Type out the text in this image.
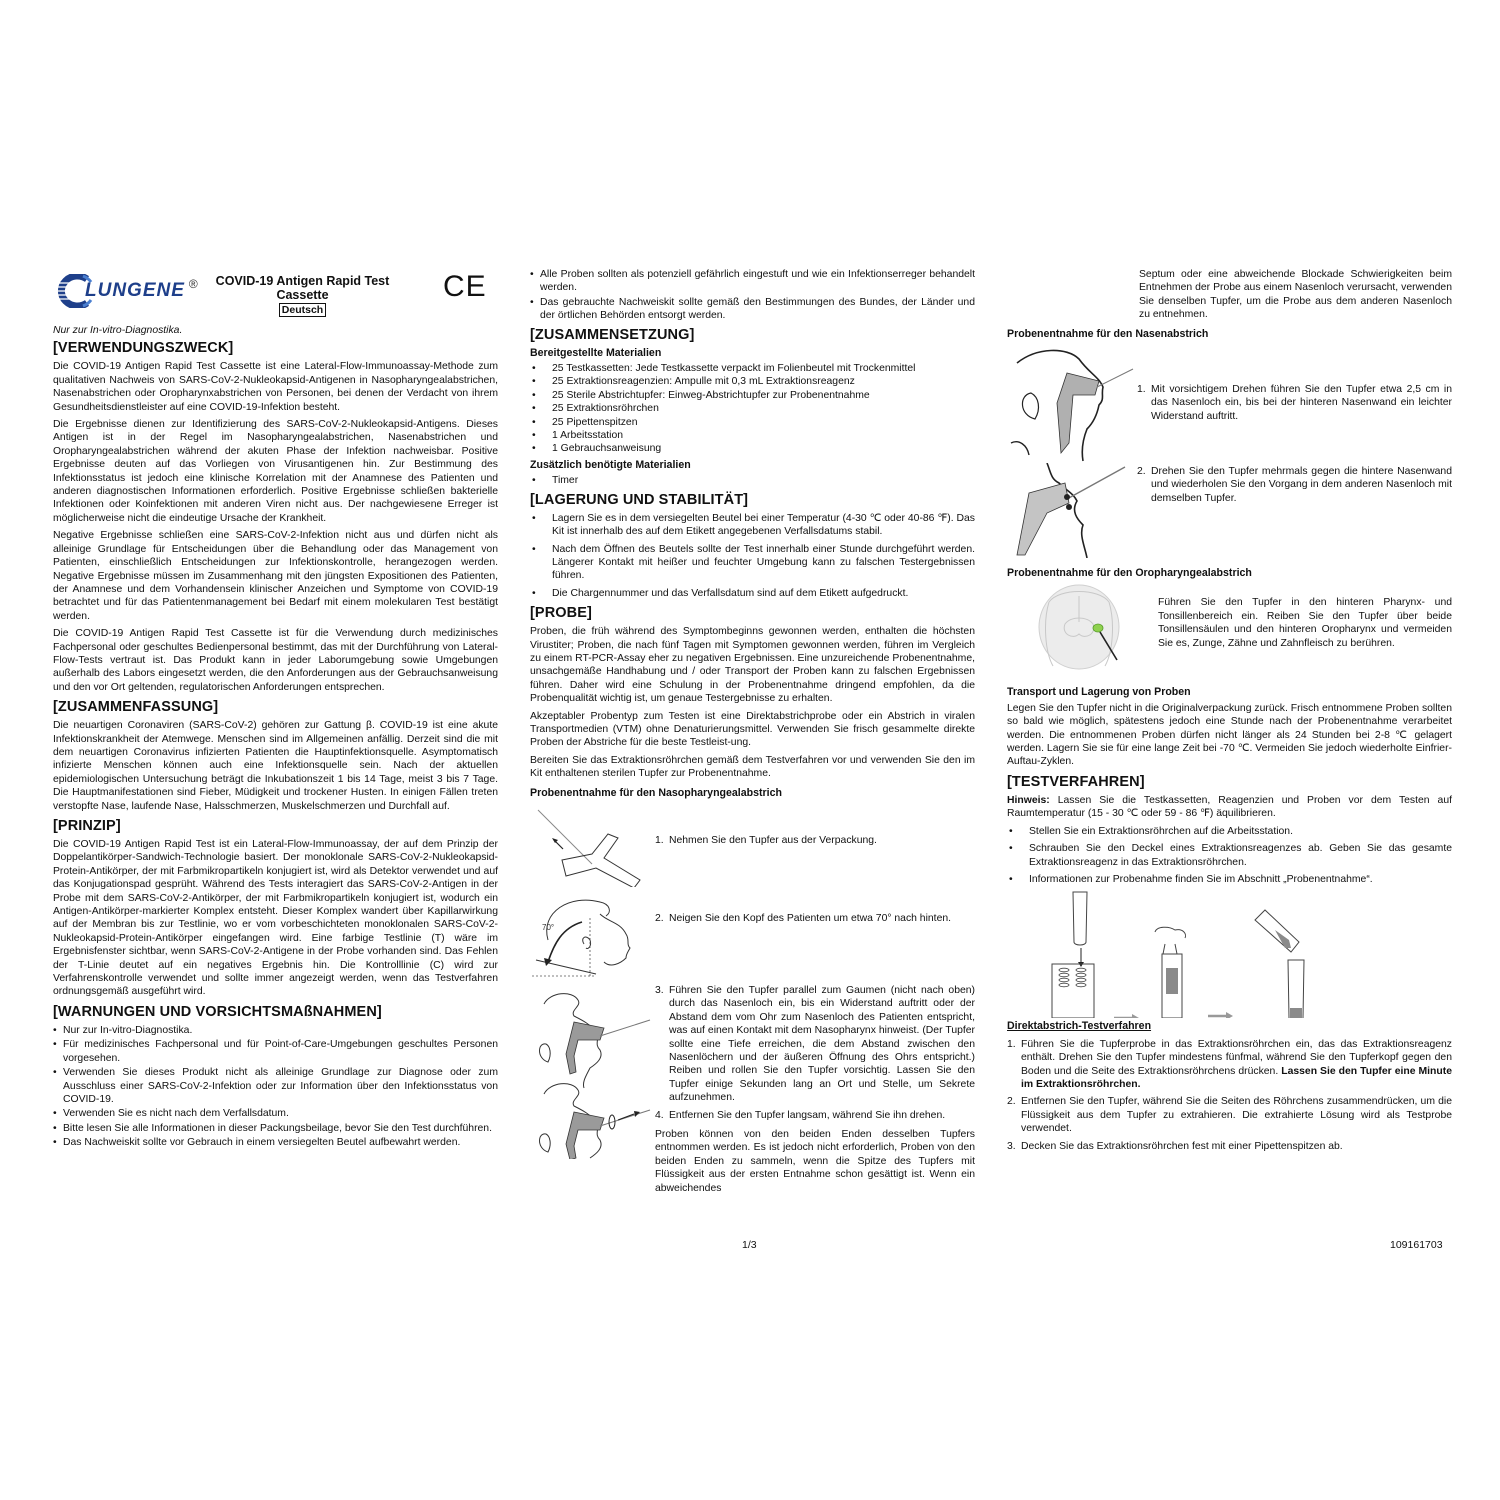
LUNGENE ®	COVID-19 Antigen Rapid Test
Cassette
Deutsch
CE

Nur zur In-vitro-Diagnostika.

[VERWENDUNGSZWECK]

Die COVID-19 Antigen Rapid Test Cassette ist eine Lateral-Flow-Immunoassay-Methode zum qualitativen Nachweis von SARS-CoV-2-Nukleokapsid-Antigenen in Nasopharyngealabstrichen, Nasenabstrichen oder Oropharynxabstrichen von Personen, bei denen der Verdacht von ihrem Gesundheitsdienstleister auf eine COVID-19-Infektion besteht.

Die Ergebnisse dienen zur Identifizierung des SARS-CoV-2-Nukleokapsid-Antigens. Dieses Antigen ist in der Regel im Nasopharyngealabstrichen, Nasenabstrichen und Oropharyngealabstrichen während der akuten Phase der Infektion nachweisbar. Positive Ergebnisse deuten auf das Vorliegen von Virusantigenen hin. Zur Bestimmung des Infektionsstatus ist jedoch eine klinische Korrelation mit der Anamnese des Patienten und anderen diagnostischen Informationen erforderlich. Positive Ergebnisse schließen bakterielle Infektionen oder Koinfektionen mit anderen Viren nicht aus. Der nachgewiesene Erreger ist möglicherweise nicht die eindeutige Ursache der Krankheit.

Negative Ergebnisse schließen eine SARS-CoV-2-Infektion nicht aus und dürfen nicht als alleinige Grundlage für Entscheidungen über die Behandlung oder das Management von Patienten, einschließlich Entscheidungen zur Infektionskontrolle, herangezogen werden. Negative Ergebnisse müssen im Zusammenhang mit den jüngsten Expositionen des Patienten, der Anamnese und dem Vorhandensein klinischer Anzeichen und Symptome von COVID-19 betrachtet und für das Patientenmanagement bei Bedarf mit einem molekularen Test bestätigt werden.

Die COVID-19 Antigen Rapid Test Cassette ist für die Verwendung durch medizinisches Fachpersonal oder geschultes Bedienpersonal bestimmt, das mit der Durchführung von Lateral-Flow-Tests vertraut ist. Das Produkt kann in jeder Laborumgebung sowie Umgebungen außerhalb des Labors eingesetzt werden, die den Anforderungen aus der Gebrauchsanweisung und den vor Ort geltenden, regulatorischen Anforderungen entsprechen.

[ZUSAMMENFASSUNG]

Die neuartigen Coronaviren (SARS-CoV-2) gehören zur Gattung β. COVID-19 ist eine akute Infektionskrankheit der Atemwege. Menschen sind im Allgemeinen anfällig. Derzeit sind die mit dem neuartigen Coronavirus infizierten Patienten die Hauptinfektionsquelle. Asymptomatisch infizierte Menschen können auch eine Infektionsquelle sein. Nach der aktuellen epidemiologischen Untersuchung beträgt die Inkubationszeit 1 bis 14 Tage, meist 3 bis 7 Tage. Die Hauptmanifestationen sind Fieber, Müdigkeit und trockener Husten. In einigen Fällen treten verstopfte Nase, laufende Nase, Halsschmerzen, Muskelschmerzen und Durchfall auf.

[PRINZIP]

Die COVID-19 Antigen Rapid Test ist ein Lateral-Flow-Immunoassay, der auf dem Prinzip der Doppelantikörper-Sandwich-Technologie basiert. Der monoklonale SARS-CoV-2-Nukleokapsid-Protein-Antikörper, der mit Farbmikropartikeln konjugiert ist, wird als Detektor verwendet und auf das Konjugationspad gesprüht. Während des Tests interagiert das SARS-CoV-2-Antigen in der Probe mit dem SARS-CoV-2-Antikörper, der mit Farbmikropartikeln konjugiert ist, wodurch ein Antigen-Antikörper-markierter Komplex entsteht. Dieser Komplex wandert über Kapillarwirkung auf der Membran bis zur Testlinie, wo er vom vorbeschichteten monoklonalen SARS-CoV-2-Nukleokapsid-Protein-Antikörper eingefangen wird. Eine farbige Testlinie (T) wäre im Ergebnisfenster sichtbar, wenn SARS-CoV-2-Antigene in der Probe vorhanden sind. Das Fehlen der T-Linie deutet auf ein negatives Ergebnis hin. Die Kontrolllinie (C) wird zur Verfahrenskontrolle verwendet und sollte immer angezeigt werden, wenn das Testverfahren ordnungsgemäß ausgeführt wird.

[WARNUNGEN UND VORSICHTSMAßNAHMEN]
• Nur zur In-vitro-Diagnostika.
• Für medizinisches Fachpersonal und für Point-of-Care-Umgebungen geschultes Personen vorgesehen.
• Verwenden Sie dieses Produkt nicht als alleinige Grundlage zur Diagnose oder zum Ausschluss einer SARS-CoV-2-Infektion oder zur Information über den Infektionsstatus von COVID-19.
• Verwenden Sie es nicht nach dem Verfallsdatum.
• Bitte lesen Sie alle Informationen in dieser Packungsbeilage, bevor Sie den Test durchführen.
• Das Nachweiskit sollte vor Gebrauch in einem versiegelten Beutel aufbewahrt werden.
• Alle Proben sollten als potenziell gefährlich eingestuft und wie ein Infektionserreger behandelt werden.
• Das gebrauchte Nachweiskit sollte gemäß den Bestimmungen des Bundes, der Länder und der örtlichen Behörden entsorgt werden.
[ZUSAMMENSETZUNG]
Bereitgestellte Materialien
• 25 Testkassetten: Jede Testkassette verpackt im Folienbeutel mit Trockenmittel
• 25 Extraktionsreagenzien: Ampulle mit 0,3 mL Extraktionsreagenz
• 25 Sterile Abstrichtupfer: Einweg-Abstrichtupfer zur Probenentnahme
• 25 Extraktionsröhrchen
• 25 Pipettenspitzen
• 1 Arbeitsstation
• 1 Gebrauchsanweisung
Zusätzlich benötigte Materialien
• Timer
[LAGERUNG UND STABILITÄT]
• Lagern Sie es in dem versiegelten Beutel bei einer Temperatur (4-30 ℃ oder 40-86 ℉). Das Kit ist innerhalb des auf dem Etikett angegebenen Verfallsdatums stabil.
• Nach dem Öffnen des Beutels sollte der Test innerhalb einer Stunde durchgeführt werden. Längerer Kontakt mit heißer und feuchter Umgebung kann zu falschen Testergebnissen führen.
• Die Chargennummer und das Verfallsdatum sind auf dem Etikett aufgedruckt.
[PROBE]

Proben, die früh während des Symptombeginns gewonnen werden, enthalten die höchsten Virustiter; Proben, die nach fünf Tagen mit Symptomen gewonnen werden, führen im Vergleich zu einem RT-PCR-Assay eher zu negativen Ergebnissen. Eine unzureichende Probenentnahme, unsachgemäße Handhabung und / oder Transport der Proben kann zu falschen Ergebnissen führen. Daher wird eine Schulung in der Probenentnahme dringend empfohlen, da die Probenqualität wichtig ist, um genaue Testergebnisse zu erhalten.

Akzeptabler Probentyp zum Testen ist eine Direktabstrichprobe oder ein Abstrich in viralen Transportmedien (VTM) ohne Denaturierungsmittel. Verwenden Sie frisch gesammelte direkte Proben der Abstriche für die beste Testleist-ung.

Bereiten Sie das Extraktionsröhrchen gemäß dem Testverfahren vor und verwenden Sie den im Kit enthaltenen sterilen Tupfer zur Probenentnahme.

Probenentnahme für den Nasopharyngealabstrich
1. Nehmen Sie den Tupfer aus der Verpackung.
70°
2. Neigen Sie den Kopf des Patienten um etwa 70° nach hinten.
3. Führen Sie den Tupfer parallel zum Gaumen (nicht nach oben) durch das Nasenloch ein, bis ein Widerstand auftritt oder der Abstand dem vom Ohr zum Nasenloch des Patienten entspricht, was auf einen Kontakt mit dem Nasopharynx hinweist. (Der Tupfer sollte eine Tiefe erreichen, die dem Abstand zwischen den Nasenlöchern und der äußeren Öffnung des Ohrs entspricht.) Reiben und rollen Sie den Tupfer vorsichtig. Lassen Sie den Tupfer einige Sekunden lang an Ort und Stelle, um Sekrete aufzunehmen.
4. Entfernen Sie den Tupfer langsam, während Sie ihn drehen.

Proben können von den beiden Enden desselben Tupfers entnommen werden. Es ist jedoch nicht erforderlich, Proben von den beiden Enden zu sammeln, wenn die Spitze des Tupfers mit Flüssigkeit aus der ersten Entnahme schon gesättigt ist. Wenn ein abweichendes

Septum oder eine abweichende Blockade Schwierigkeiten beim Entnehmen der Probe aus einem Nasenloch verursacht, verwenden Sie denselben Tupfer, um die Probe aus dem anderen Nasenloch zu entnehmen.

Probenentnahme für den Nasenabstrich
1. Mit vorsichtigem Drehen führen Sie den Tupfer etwa 2,5 cm in das Nasenloch ein, bis bei der hinteren Nasenwand ein leichter Widerstand auftritt.
2. Drehen Sie den Tupfer mehrmals gegen die hintere Nasenwand und wiederholen Sie den Vorgang in dem anderen Nasenloch mit demselben Tupfer.
Probenentnahme für den Oropharyngealabstrich

Führen Sie den Tupfer in den hinteren Pharynx- und Tonsillenbereich ein. Reiben Sie den Tupfer über beide Tonsillensäulen und den hinteren Oropharynx und vermeiden Sie es, Zunge, Zähne und Zahnfleisch zu berühren.

Transport und Lagerung von Proben

Legen Sie den Tupfer nicht in die Originalverpackung zurück. Frisch entnommene Proben sollten so bald wie möglich, spätestens jedoch eine Stunde nach der Probenentnahme verarbeitet werden. Die entnommenen Proben dürfen nicht länger als 24 Stunden bei 2-8 ℃ gelagert werden. Lagern Sie sie für eine lange Zeit bei -70 ℃. Vermeiden Sie jedoch wiederholte Einfrier-Auftau-Zyklen.

[TESTVERFAHREN]

Hinweis: Lassen Sie die Testkassetten, Reagenzien und Proben vor dem Testen auf Raumtemperatur (15 - 30 ℃ oder 59 - 86 ℉) äquilibrieren.

• Stellen Sie ein Extraktionsröhrchen auf die Arbeitsstation.
• Schrauben Sie den Deckel eines Extraktionsreagenzes ab. Geben Sie das gesamte Extraktionsreagenz in das Extraktionsröhrchen.
• Informationen zur Probenahme finden Sie im Abschnitt „Probenentnahme“.
Direktabstrich-Testverfahren
1. Führen Sie die Tupferprobe in das Extraktionsröhrchen ein, das das Extraktionsreagenz enthält. Drehen Sie den Tupfer mindestens fünfmal, während Sie den Tupferkopf gegen den Boden und die Seite des Extraktionsröhrchens drücken. Lassen Sie den Tupfer eine Minute im Extraktionsröhrchen.
2. Entfernen Sie den Tupfer, während Sie die Seiten des Röhrchens zusammendrücken, um die Flüssigkeit aus dem Tupfer zu extrahieren. Die extrahierte Lösung wird als Testprobe verwendet.
3. Decken Sie das Extraktionsröhrchen fest mit einer Pipettenspitzen ab.
1/3	109161703
